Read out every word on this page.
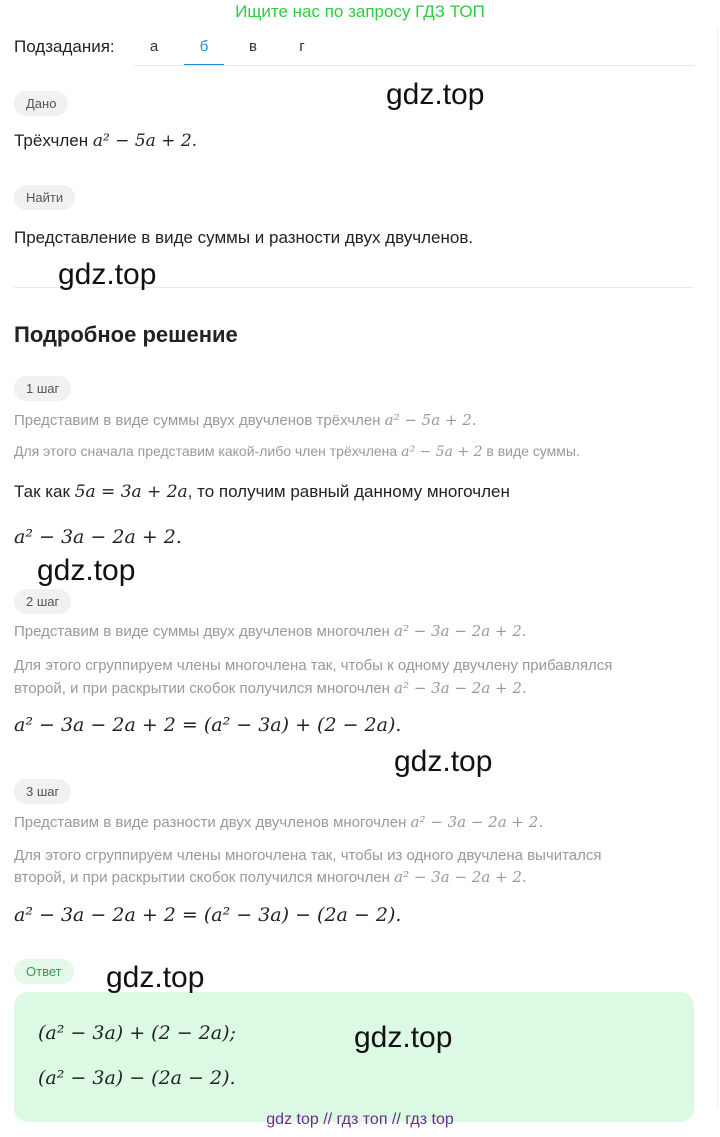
Ищите нас по запросу ГДЗ ТОП
Подзадания:	а	б	в	г
Дано
Трёхчлен a² − 5a + 2.
Найти
Представление в виде суммы и разности двух двучленов.
Подробное решение
1 шаг
Представим в виде суммы двух двучленов трёхчлен a² − 5a + 2.
Для этого сначала представим какой-либо член трёхчлена a² − 5a + 2 в виде суммы.
Так как 5a = 3a + 2a, то получим равный данному многочлен
a² − 3a − 2a + 2.
2 шаг
Представим в виде суммы двух двучленов многочлен a² − 3a − 2a + 2.
Для этого сгруппируем члены многочлена так, чтобы к одному двучлену прибавлялся
второй, и при раскрытии скобок получился многочлен a² − 3a − 2a + 2.
a² − 3a − 2a + 2 = (a² − 3a) + (2 − 2a).
3 шаг
Представим в виде разности двух двучленов многочлен a² − 3a − 2a + 2.
Для этого сгруппируем члены многочлена так, чтобы из одного двучлена вычитался
второй, и при раскрытии скобок получился многочлен a² − 3a − 2a + 2.
a² − 3a − 2a + 2 = (a² − 3a) − (2a − 2).
Ответ
(a² − 3a) + (2 − 2a);
(a² − 3a) − (2a − 2).
gdz.top
gdz.top
gdz.top
gdz.top
gdz.top
gdz.top
gdz top // гдз топ // гдз top
